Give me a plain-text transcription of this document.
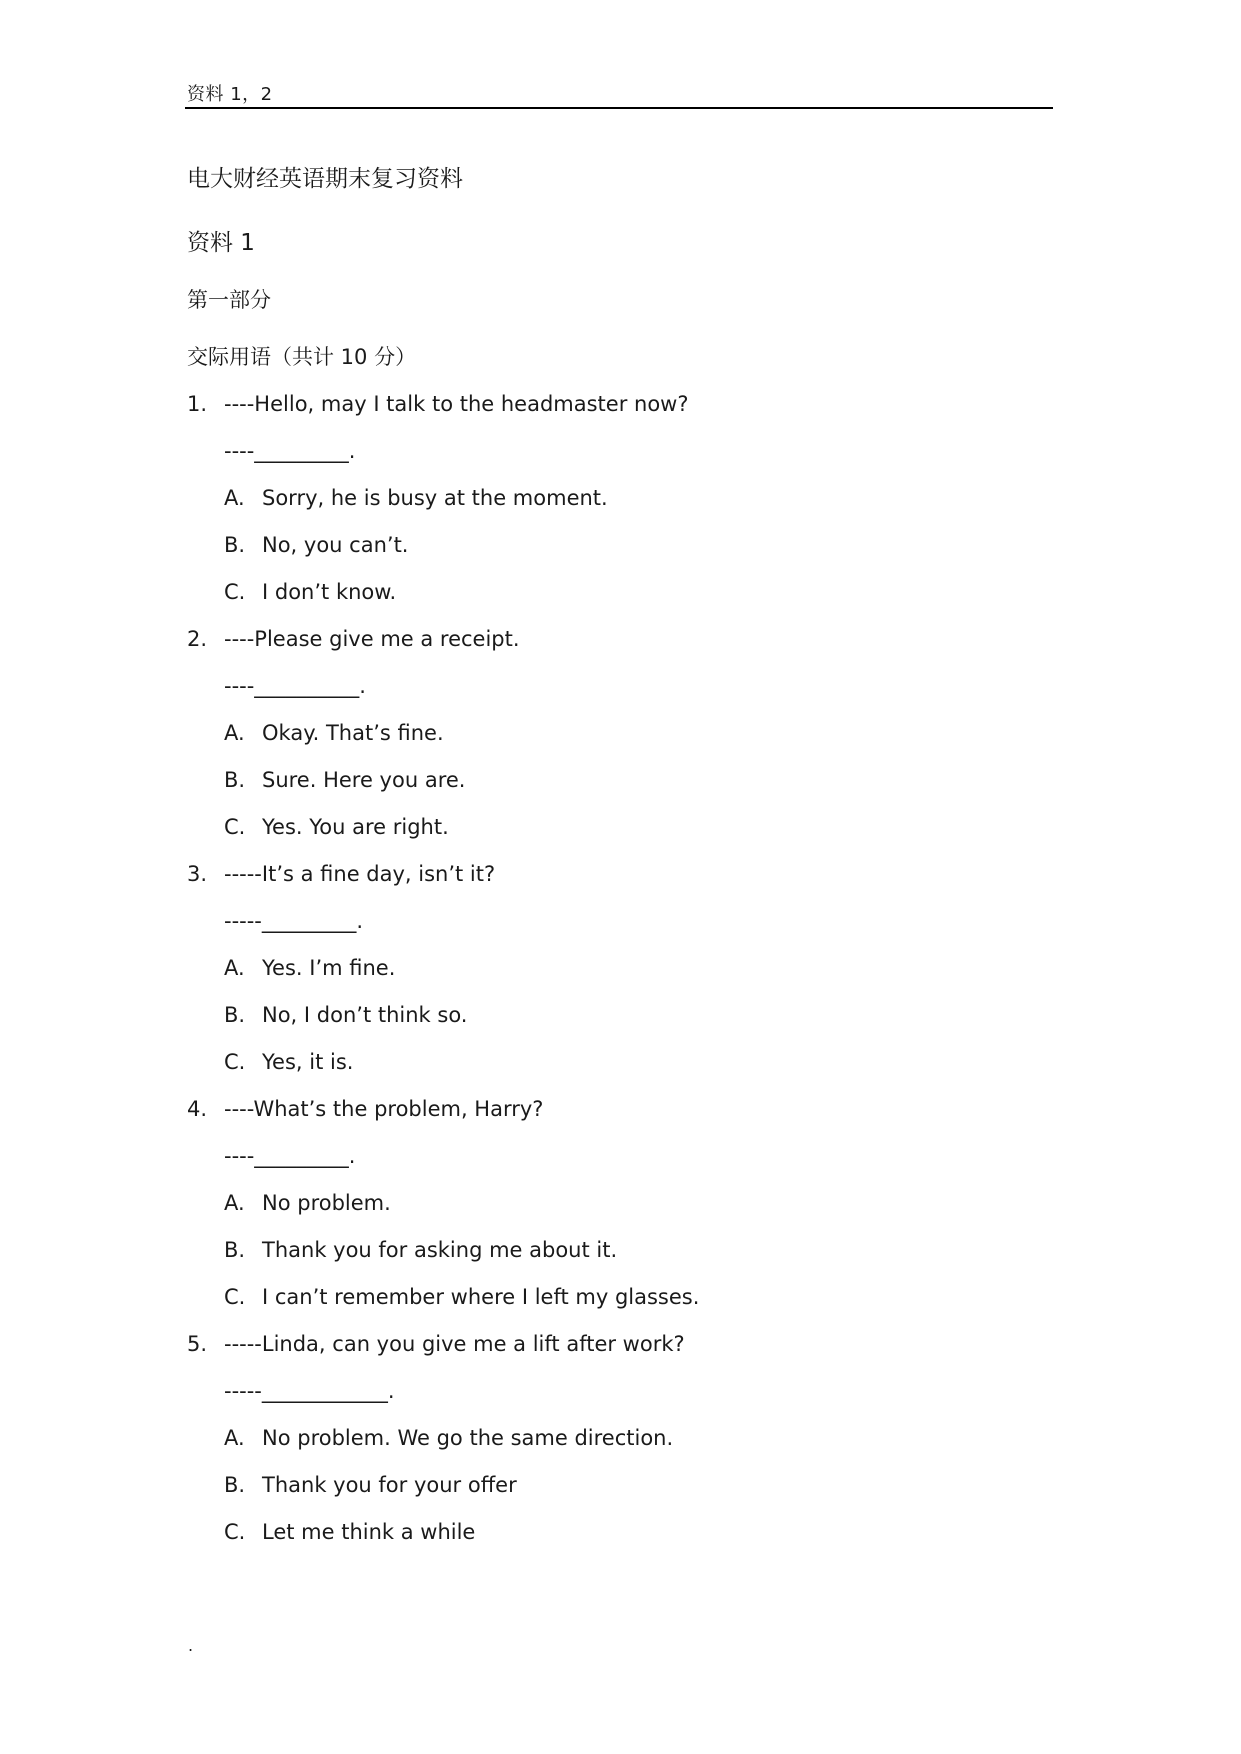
资料 1，2
电大财经英语期末复习资料
资料 1
第一部分
交际用语（共计 10 分）
1. ----Hello, may I talk to the headmaster now?
----_________.
A. Sorry, he is busy at the moment.
B. No, you can’t.
C. I don’t know.
2. ----Please give me a receipt.
----__________.
A. Okay. That’s fine.
B. Sure. Here you are.
C. Yes. You are right.
3. -----It’s a fine day, isn’t it?
-----_________.
A. Yes. I’m fine.
B. No, I don’t think so.
C. Yes, it is.
4. ----What’s the problem, Harry?
----_________.
A. No problem.
B. Thank you for asking me about it.
C. I can’t remember where I left my glasses.
5. -----Linda, can you give me a lift after work?
-----____________.
A. No problem. We go the same direction.
B. Thank you for your offer
C. Let me think a while
.
